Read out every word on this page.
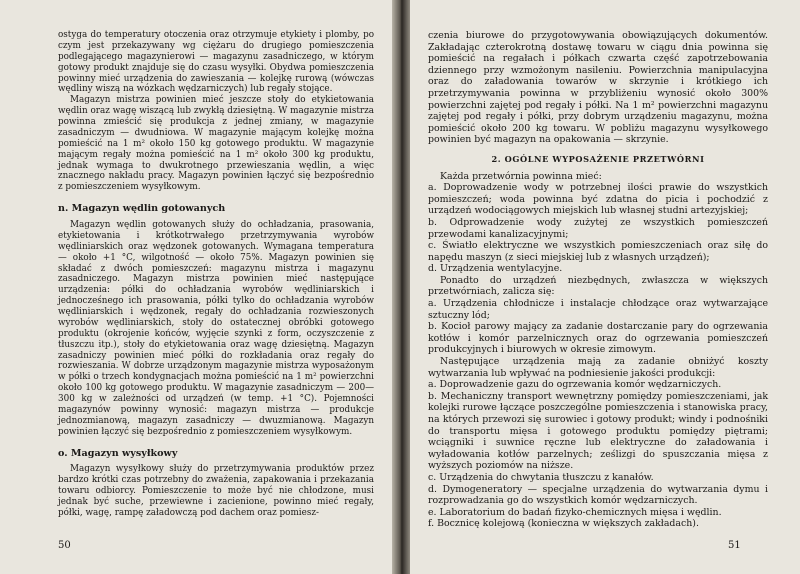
ostyga do temperatury otoczenia oraz otrzymuje etykiety i plomby, po czym jest przekazywany wg ciężaru do drugiego pomieszczenia podlegającego magazynierowi — magazynu zasadniczego, w którym gotowy produkt znajduje się do czasu wysyłki. Obydwa pomieszczenia powinny mieć urządzenia do zawieszania — kolejkę rurową (wówczas wędliny wiszą na wózkach wędzarniczych) lub regały stojące.

Magazyn mistrza powinien mieć jeszcze stoły do etykietowania wędlin oraz wagę wiszącą lub zwykłą dziesiętną. W magazynie mistrza powinna zmieścić się produkcja z jednej zmiany, w magazynie zasadniczym — dwudniowa. W magazynie mającym kolejkę można pomieścić na 1 m² około 150 kg gotowego produktu. W magazynie mającym regały można pomieścić na 1 m² około 300 kg produktu, jednak wymaga to dwukrotnego przewieszania wędlin, a więc znacznego nakładu pracy. Magazyn powinien łączyć się bezpośrednio z pomieszczeniem wysyłkowym.

n. Magazyn wędlin gotowanych

Magazyn wędlin gotowanych służy do ochładzania, prasowania, etykietowania i krótkotrwałego przetrzymywania wyrobów wędliniarskich oraz wędzonek gotowanych. Wymagana temperatura — około +1 °C, wilgotność — około 75%. Magazyn powinien się składać z dwóch pomieszczeń: magazynu mistrza i magazynu zasadniczego. Magazyn mistrza powinien mieć następujące urządzenia: półki do ochładzania wyrobów wędliniarskich i jednocześnego ich prasowania, półki tylko do ochładzania wyrobów wędliniarskich i wędzonek, regały do ochładzania rozwieszonych wyrobów wędliniarskich, stoły do ostatecznej obróbki gotowego produktu (okrojenie końców, wyjęcie szynki z form, oczyszczenie z tłuszczu itp.), stoły do etykietowania oraz wagę dziesiętną. Magazyn zasadniczy powinien mieć półki do rozkładania oraz regały do rozwieszania. W dobrze urządzonym magazynie mistrza wyposażonym w półki o trzech kondygnacjach można pomieścić na 1 m² powierzchni około 100 kg gotowego produktu. W magazynie zasadniczym — 200—300 kg w zależności od urządzeń (w temp. +1 °C). Pojemności magazynów powinny wynosić: magazyn mistrza — produkcje jednozmianową, magazyn zasadniczy — dwuzmianową. Magazyn powinien łączyć się bezpośrednio z pomieszczeniem wysyłkowym.

o. Magazyn wysyłkowy

Magazyn wysyłkowy służy do przetrzymywania produktów przez bardzo krótki czas potrzebny do zważenia, zapakowania i przekazania towaru odbiorcy. Pomieszczenie to może być nie chłodzone, musi jednak być suche, przewiewne i zacienione, powinno mieć regały, półki, wagę, rampę załadowczą pod dachem oraz pomiesz-

50

czenia biurowe do przygotowywania obowiązujących dokumentów. Zakładając czterokrotną dostawę towaru w ciągu dnia powinna się pomieścić na regałach i półkach czwarta część zapotrzebowania dziennego przy wzmożonym nasileniu. Powierzchnia manipulacyjna oraz do załadowania towarów w skrzynie i krótkiego ich przetrzymywania powinna w przybliżeniu wynosić około 300% powierzchni zajętej pod regały i półki. Na 1 m² powierzchni magazynu zajętej pod regały i półki, przy dobrym urządzeniu magazynu, można pomieścić około 200 kg towaru. W pobliżu magazynu wysyłkowego powinien być magazyn na opakowania — skrzynie.

2. OGÓLNE WYPOSAŻENIE PRZETWÓRNI

Każda przetwórnia powinna mieć:

a. Doprowadzenie wody w potrzebnej ilości prawie do wszystkich pomieszczeń; woda powinna być zdatna do picia i pochodzić z urządzeń wodociągowych miejskich lub własnej studni artezyjskiej;

b. Odprowadzenie wody zużytej ze wszystkich pomieszczeń przewodami kanalizacyjnymi;

c. Światło elektryczne we wszystkich pomieszczeniach oraz siłę do napędu maszyn (z sieci miejskiej lub z własnych urządzeń);

d. Urządzenia wentylacyjne.

Ponadto do urządzeń niezbędnych, zwłaszcza w większych przetwórniach, zalicza się:

a. Urządzenia chłodnicze i instalacje chłodzące oraz wytwarzające sztuczny lód;

b. Kocioł parowy mający za zadanie dostarczanie pary do ogrzewania kotłów i komór parzelnicznych oraz do ogrzewania pomieszczeń produkcyjnych i biurowych w okresie zimowym.

Następujące urządzenia mają za zadanie obniżyć koszty wytwarzania lub wpływać na podniesienie jakości produkcji:

a. Doprowadzenie gazu do ogrzewania komór wędzarniczych.

b. Mechaniczny transport wewnętrzny pomiędzy pomieszczeniami, jak kolejki rurowe łączące poszczególne pomieszczenia i stanowiska pracy, na których przewozi się surowiec i gotowy produkt; windy i podnośniki do transportu mięsa i gotowego produktu pomiędzy piętrami; wciągniki i suwnice ręczne lub elektryczne do załadowania i wyładowania kotłów parzelnych; ześlizgi do spuszczania mięsa z wyższych poziomów na niższe.

c. Urządzenia do chwytania tłuszczu z kanałów.

d. Dymogeneratory — specjalne urządzenia do wytwarzania dymu i rozprowadzania go do wszystkich komór wędzarniczych.

e. Laboratorium do badań fizyko-chemicznych mięsa i wędlin.

f. Bocznicę kolejową (konieczna w większych zakładach).

51
